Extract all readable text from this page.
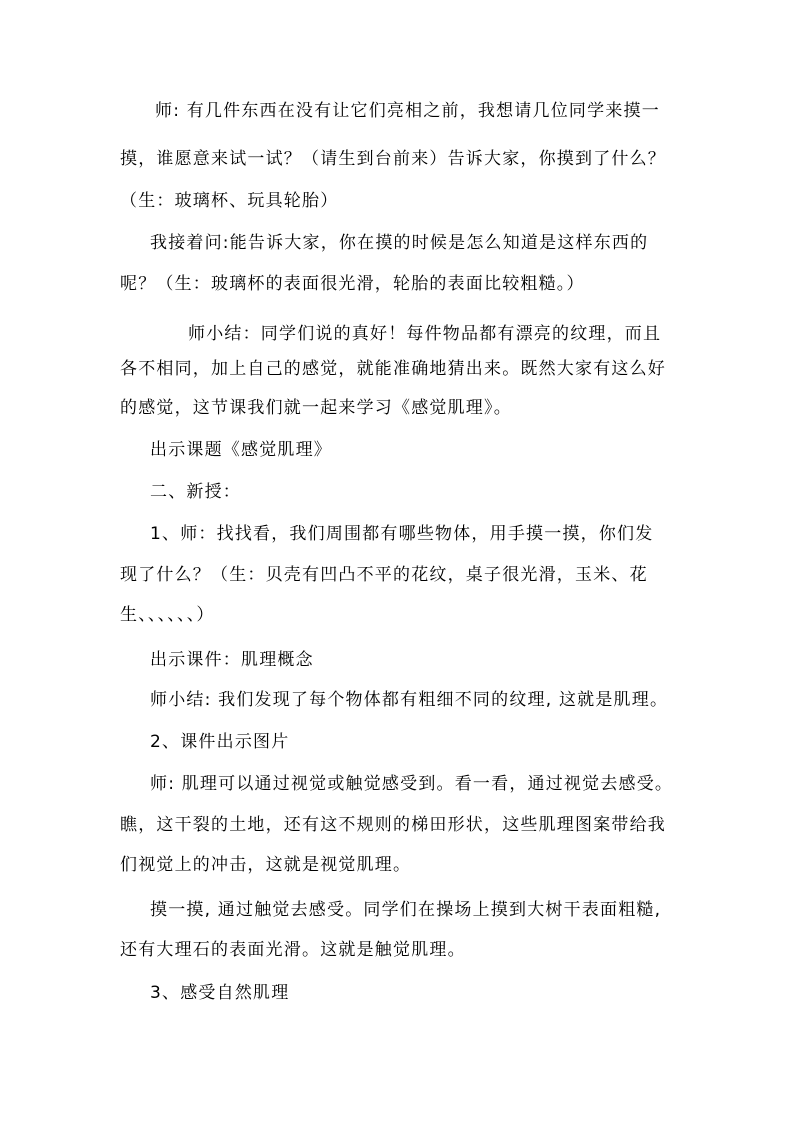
师: 有几件东西在没有让它们亮相之前，我想请几位同学来摸一
摸，谁愿意来试一试？（请生到台前来）告诉大家，你摸到了什么？
（生：玻璃杯、玩具轮胎）
我接着问:能告诉大家，你在摸的时候是怎么知道是这样东西的
呢？（生：玻璃杯的表面很光滑，轮胎的表面比较粗糙。）
师小结：同学们说的真好！每件物品都有漂亮的纹理，而且
各不相同，加上自己的感觉，就能准确地猜出来。既然大家有这么好
的感觉，这节课我们就一起来学习《感觉肌理》。
出示课题《感觉肌理》
二、新授：
1、师：找找看，我们周围都有哪些物体，用手摸一摸，你们发
现了什么？（生：贝壳有凹凸不平的花纹，桌子很光滑，玉米、花
生、、、、、、）
出示课件：肌理概念
师小结: 我们发现了每个物体都有粗细不同的纹理, 这就是肌理。
2、课件出示图片
师: 肌理可以通过视觉或触觉感受到。看一看，通过视觉去感受。
瞧，这干裂的土地，还有这不规则的梯田形状，这些肌理图案带给我
们视觉上的冲击，这就是视觉肌理。
摸一摸, 通过触觉去感受。同学们在操场上摸到大树干表面粗糙,
还有大理石的表面光滑。这就是触觉肌理。
3、感受自然肌理
